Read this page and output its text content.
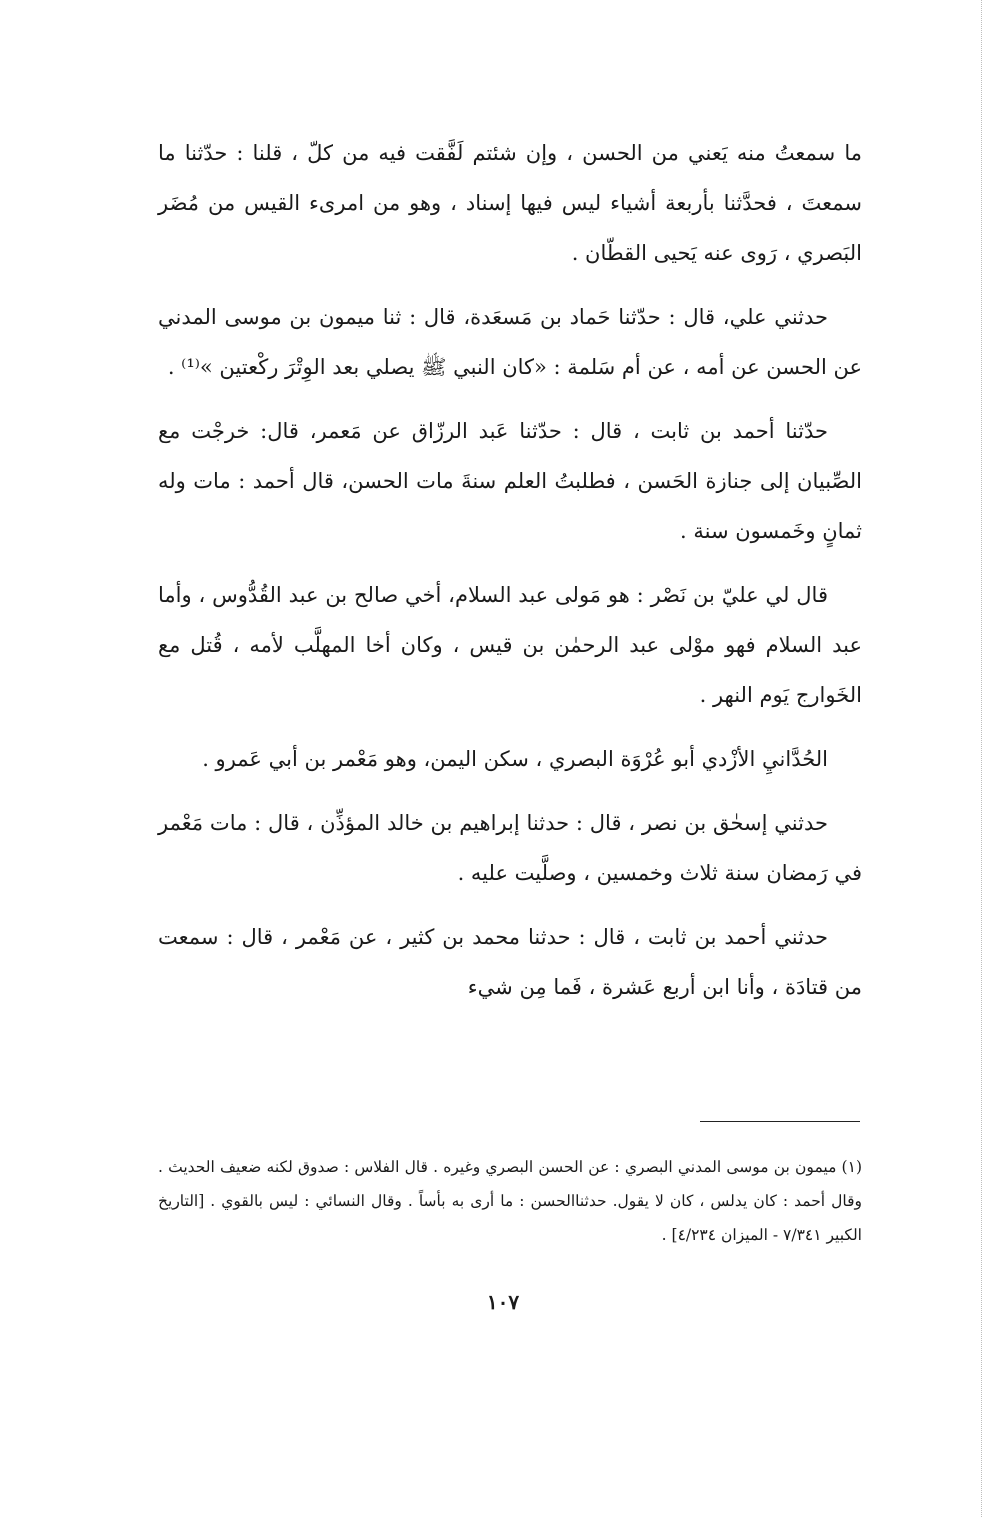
ما سمعتُ منه يَعني من الحسن ، وإن شئتم لَفَّقت فيه من كلّ ، قلنا : حدّثنا ما سمعتَ ، فحدَّثنا بأربعة أشياء ليس فيها إسناد ، وهو من امرىء القيس من مُضَر البَصري ، رَوى عنه يَحيى القطّان .

حدثني علي، قال : حدّثنا حَماد بن مَسعَدة، قال : ثنا ميمون بن موسى المدني عن الحسن عن أمه ، عن أم سَلمة : «كان النبي ﷺ يصلي بعد الوِتْرَ ركْعتين »⁽¹⁾ .

حدّثنا أحمد بن ثابت ، قال : حدّثنا عَبد الرزّاق عن مَعمر، قال: خرجْت مع الصِّبيان إلى جنازة الحَسن ، فطلبتُ العلم سنةَ مات الحسن، قال أحمد : مات وله ثمانٍ وخَمسون سنة .

قال لي عليّ بن نَصْر : هو مَولى عبد السلام، أخي صالح بن عبد القُدُّوس ، وأما عبد السلام فهو موْلى عبد الرحمٰن بن قيس ، وكان أخا المهلَّب لأمه ، قُتل مع الخَوارج يَوم النهر .

الحُدَّانيِ الأزْدي أبو عُرْوَة البصري ، سكن اليمن، وهو مَعْمر بن أبي عَمرو .

حدثني إسحٰق بن نصر ، قال : حدثنا إبراهيم بن خالد المؤذِّن ، قال : مات مَعْمر في رَمضان سنة ثلاث وخمسين ، وصلَّيت عليه .

حدثني أحمد بن ثابت ، قال : حدثنا محمد بن كثير ، عن مَعْمر ، قال : سمعت من قتادَة ، وأنا ابن أربع عَشرة ، فَما مِن شيء

(١) ميمون بن موسى المدني البصري : عن الحسن البصري وغيره . قال الفلاس : صدوق لكنه ضعيف الحديث . وقال أحمد : كان يدلس ، كان لا يقول. حدثناالحسن : ما أرى به بأساً . وقال النسائي : ليس بالقوي . [التاريخ الكبير ٧/٣٤١ - الميزان ٤/٢٣٤] .

١٠٧
